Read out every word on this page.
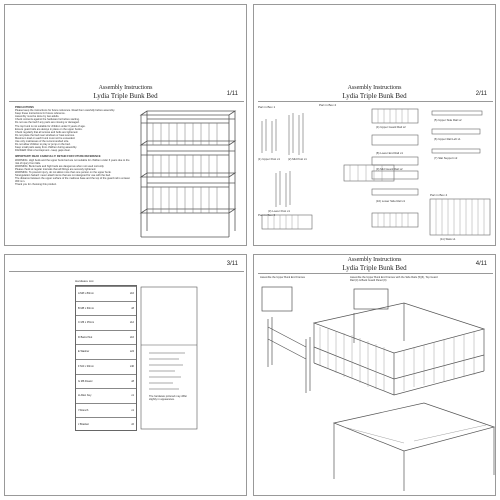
Assembly Instructions
Lydia Triple Bunk Bed	1/11
PRECAUTIONS
Please keep the instructions for future reference. Read them carefully before assembly.
Keep these instructions for future reference.
Assembly must be done by two adults.
Check contents against the hardware list before starting.
Do not use the bed if any parts are missing or damaged.
The top bunk is not suitable for children under 6 years of age.
Ensure guard rails are always in place on the upper bunks.
Check regularly that all screws and bolts are tightened.
Do not place the bed near windows or heat sources.
Maximum load on each bunk must not be exceeded.
Use only mattresses of the recommended size.
Do not allow children to play or jump on the bed.
Keep small parts away from children during assembly.
DANGER: Risk of entrapment - keep gaps clear.
IMPORTANT! READ CAREFULLY! RETAIN FOR FUTURE REFERENCE
WARNING: High beds and the upper bunk bed are not suitable for children under 6 years due to the risk of injury from falls.
WARNING: Bunk beds and high beds are dangerous when not used correctly.
Please check at regular intervals that all fittings are securely tightened.
WARNING: To prevent injury, do not allow more than one person on the upper bunk.
Strangulation hazard: never attach items that are not designed for use with the bed.
The distance between the upper surface of the mattress base and the top of the guard rail is at least 300 mm.
Thank you for choosing this product.
Assembly Instructions
Lydia Triple Bunk Bed	2/11
Part in Box 1	Part in Box 2
Part in Box 3
Part in Box 4
(1) Upper Post x1	(2) Mid Post x1
(3) Lower Post x1
(4) Upper Guard Rail x2
(5) Upper Side Rail x2
(6) Upper Rail Left x1
(7) Slat Support x2
(8) Lower End Rail x1
(9) Mid Guard Rail x2
(10) Lower Side Rail x1
(11) Slats x1
3/11
Hardware List
A M8 x 80mm	x16
B M8 x 60mm	x8
C M6 x 35mm	x12
D Barrel Nut	x16
E Washer	x24
F M4 x 30mm	x40
G M6 Dowel	x8
H Allen Key	x1
I Wrench	x1
J Bracket	x6
The hardware pictured may differ slightly in appearance.
Assembly Instructions
Lydia Triple Bunk Bed	4/11
Assemble the Upper Bunk End Frames	Assemble the Upper Bunk End Frames with the Side Rails (5)(6), Top Guard Rail (4) & Back Guard Panel (9)
